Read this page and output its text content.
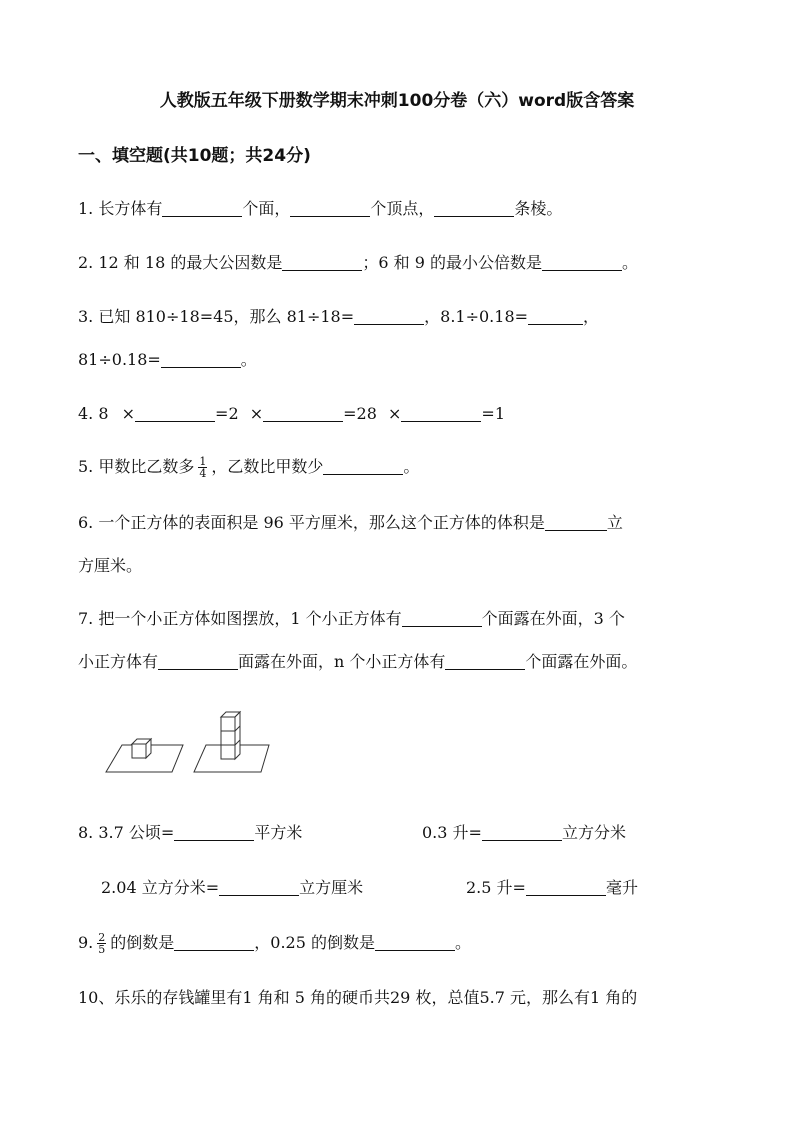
人教版五年级下册数学期末冲刺100分卷（六）word版含答案
一、填空题(共10题；共24分)
1. 长方体有	个面，	个顶点，	条棱。
2. 12 和 18 的最大公因数是	；6 和 9 的最小公倍数是	。
3. 已知 810÷18=45，那么 81÷18=	，8.1÷0.18=	，
81÷0.18=	。
4. 8 ×	=2 ×	=28 ×	=1
5. 甲数比乙数多 $\frac{1}{4}$ ，乙数比甲数少	。
6. 一个正方体的表面积是 96 平方厘米，那么这个正方体的体积是	立
方厘米。
7. 把一个小正方体如图摆放，1 个小正方体有	个面露在外面，3 个
小正方体有	面露在外面，n 个小正方体有	个面露在外面。
8. 3.7 公顷=	平方米	0.3 升=	立方分米
2.04 立方分米=	立方厘米	2.5 升=	毫升
9. $\frac{2}{5}$ 的倒数是	，0.25 的倒数是	。
10、乐乐的存钱罐里有1 角和 5 角的硬币共29 枚，总值5.7 元，那么有1 角的
